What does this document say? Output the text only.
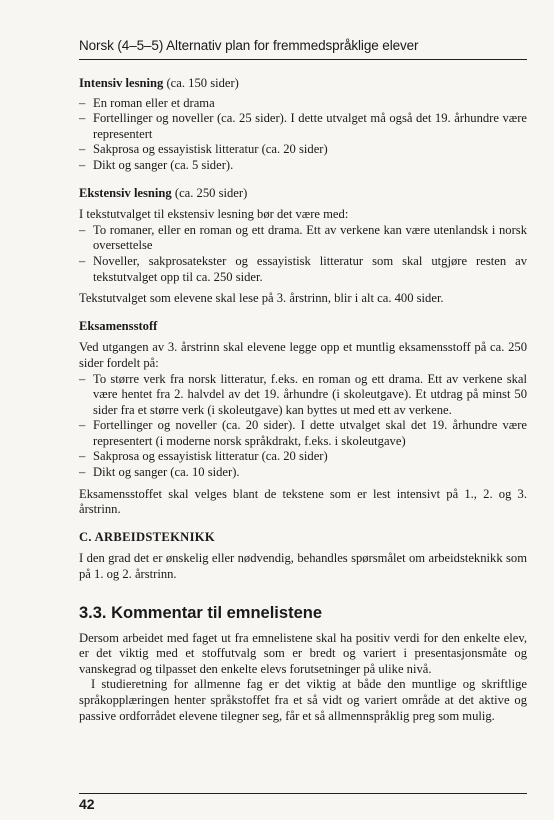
Norsk (4–5–5) Alternativ plan for fremmedspråklige elever

Intensiv lesning (ca. 150 sider)

– En roman eller et drama
– Fortellinger og noveller (ca. 25 sider). I dette utvalget må også det 19. århundre være representert
– Sakprosa og essayistisk litteratur (ca. 20 sider)
– Dikt og sanger (ca. 5 sider).

Ekstensiv lesning (ca. 250 sider)

I tekstutvalget til ekstensiv lesning bør det være med:

– To romaner, eller en roman og ett drama. Ett av verkene kan være utenlandsk i norsk oversettelse
– Noveller, sakprosatekster og essayistisk litteratur som skal utgjøre resten av tekstutvalget opp til ca. 250 sider.

Tekstutvalget som elevene skal lese på 3. årstrinn, blir i alt ca. 400 sider.

Eksamensstoff

Ved utgangen av 3. årstrinn skal elevene legge opp et muntlig eksamensstoff på ca. 250 sider fordelt på:

– To større verk fra norsk litteratur, f.eks. en roman og ett drama. Ett av verkene skal være hentet fra 2. halvdel av det 19. århundre (i skoleutgave). Et utdrag på minst 50 sider fra et større verk (i skoleutgave) kan byttes ut med ett av verkene.
– Fortellinger og noveller (ca. 20 sider). I dette utvalget skal det 19. århundre være representert (i moderne norsk språkdrakt, f.eks. i skoleutgave)
– Sakprosa og essayistisk litteratur (ca. 20 sider)
– Dikt og sanger (ca. 10 sider).

Eksamensstoffet skal velges blant de tekstene som er lest intensivt på 1., 2. og 3. årstrinn.

C. ARBEIDSTEKNIKK

I den grad det er ønskelig eller nødvendig, behandles spørsmålet om arbeidsteknikk som på 1. og 2. årstrinn.

3.3. Kommentar til emnelistene

Dersom arbeidet med faget ut fra emnelistene skal ha positiv verdi for den enkelte elev, er det viktig med et stoffutvalg som er bredt og variert i presentasjonsmåte og vanskegrad og tilpasset den enkelte elevs forutsetninger på ulike nivå.

I studieretning for allmenne fag er det viktig at både den muntlige og skriftlige språkopplæringen henter språkstoffet fra et så vidt og variert område at det aktive og passive ordforrådet elevene tilegner seg, får et så allmennspråklig preg som mulig.

42
